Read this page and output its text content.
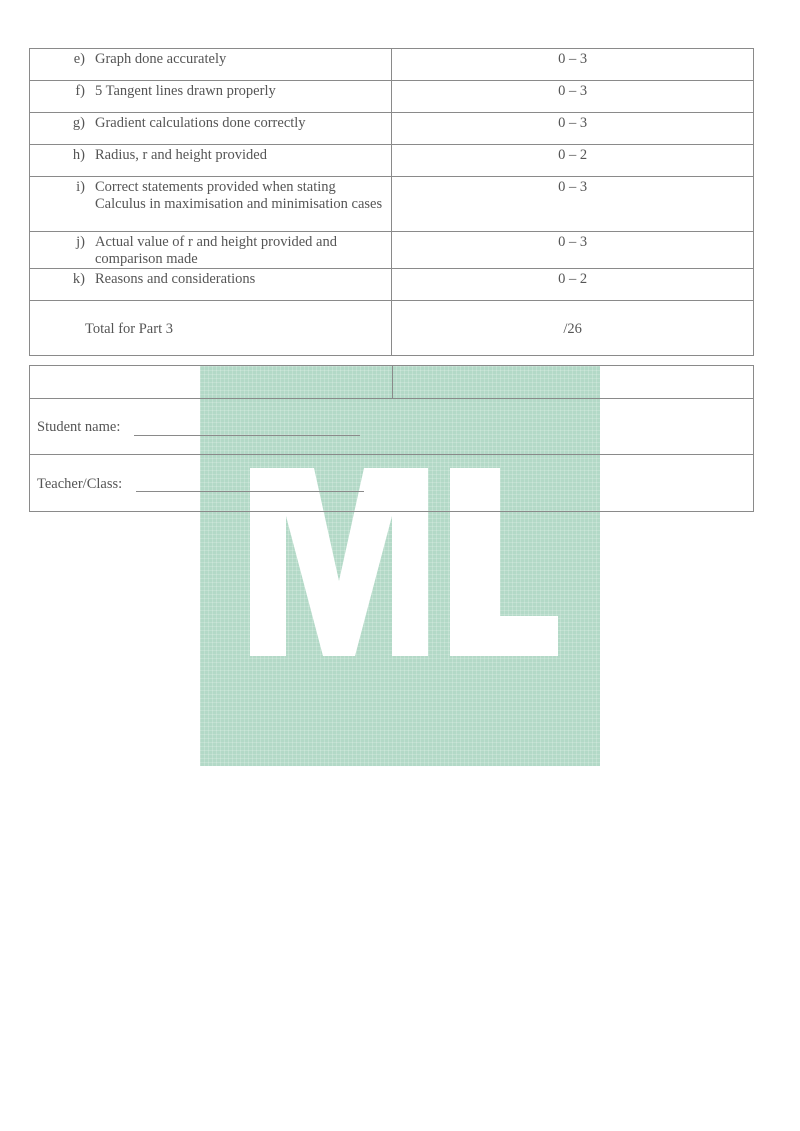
e) Graph done accurately	0 – 3

f) 5 Tangent lines drawn properly	0 – 3

g) Gradient calculations done correctly	0 – 3

h) Radius, r and height provided	0 – 2

i) Correct statements provided when stating Calculus in maximisation and minimisation cases	0 – 3

j) Actual value of r and height provided and comparison made	0 – 3

k) Reasons and considerations	0 – 2

Total for Part 3	/26
Student name:
Teacher/Class:
